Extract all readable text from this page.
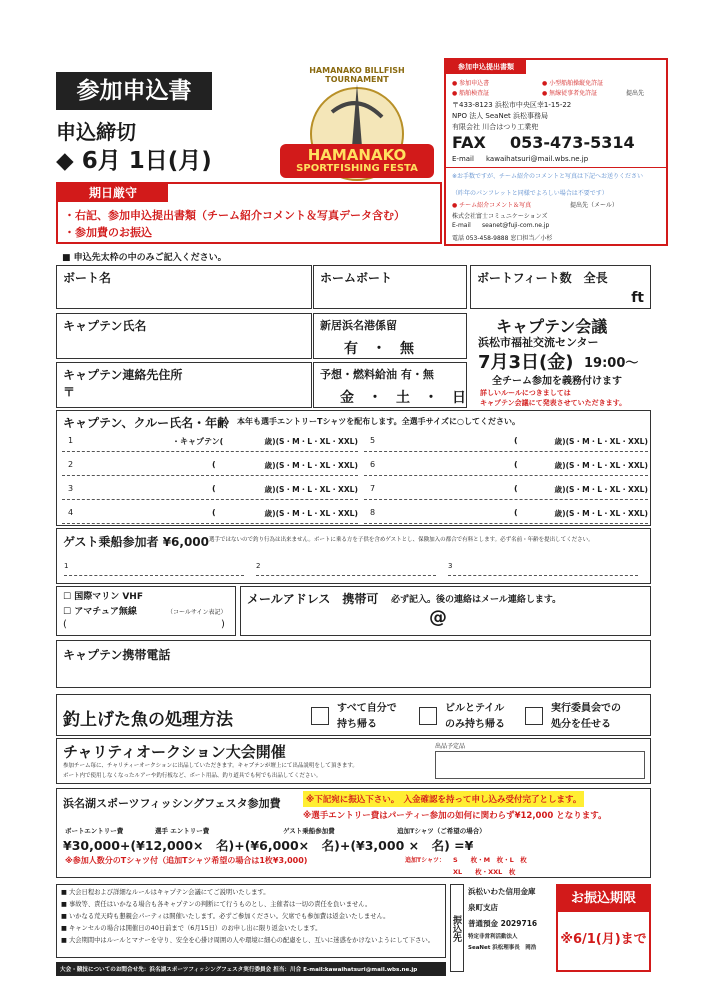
参加申込書
申込締切
◆ 6月 1日(月)
HAMANAKO BILLFISH TOURNAMENT
HAMANAKO
SPORTFISHING FESTA
参加申込提出書類
● 参加申込書	● 小型船舶操縦免許証
● 船舶検査証	● 無線従事者免許証	提出先
〒433-8123 浜松市中央区幸1-15-22
NPO 法人 SeaNet 浜松事務局
有限会社 川合はつり工業兜
FAX 053-473-5314
E-mail kawaihatsuri@mail.wbs.ne.jp
※お手数ですが、チーム紹介のコメントと写真は下記へお送りください
（昨年のパンフレットと同様でよろしい場合は不要です）
● チーム紹介コメント＆写真	提出先（メール）
株式会社富士コミュニケーションズ
E-mail seanet@fuji-com.ne.jp
電話 053-458-9888 窓口担当／小杉
期日厳守
・右記、参加申込提出書類（チーム紹介コメント＆写真データ含む）
・参加費のお振込
■ 申込先太枠の中のみご記入ください。
ボート名	ホームボート	ボートフィート数　全長
ft
キャプテン氏名	新居浜名港係留
有　・　無
キャプテン連絡先住所
〒
予想・燃料給油 有・無
金　・　土　・　日
キャプテン会議
浜松市福祉交流センター
7月3日(金) 19:00～
全チーム参加を義務付けます
詳しいルールにつきましては
キャプテン会議にて発表させていただきます。
キャプテン、クルー氏名・年齢 本年も選手エントリーTシャツを配布します。全選手サイズに○してください。
1	・キャプテン(	歳)(S・M・L・XL・XXL)
2	(	歳)(S・M・L・XL・XXL)
3	(	歳)(S・M・L・XL・XXL)
4	(	歳)(S・M・L・XL・XXL)
5	(	歳)(S・M・L・XL・XXL)
6	(	歳)(S・M・L・XL・XXL)
7	(	歳)(S・M・L・XL・XXL)
8	(	歳)(S・M・L・XL・XXL)
ゲスト乗船参加者 ¥6,000 選手ではないので釣り行為は出来ません。ボートに乗る方を子供を含めゲストとし、保険加入の都合で有料とします。必ず名前・年齢を提出してください。
1	2	3
☐ 国際マリン VHF
☐ アマチュア無線	（コールサイン表記）
(	)
メールアドレス　携帯可 必ず記入。後の連絡はメール連絡します。
@
キャプテン携帯電話
釣上げた魚の処理方法
すべて自分で
持ち帰る
ビルとテイル
のみ持ち帰る
実行委員会での
処分を任せる
チャリティオークション大会開催
参加チーム毎に、チャリティーオークションに出品していただきます。キャプテンが壇上にて出品説明をして頂きます。
ボート内で使用しなくなったルアーや釣行板など、ボート用品、釣り道具でも何でも出品してください。
出品予定品
浜名湖スポーツフィッシングフェスタ参加費	※下記宛に振込下さい。　入金確認を持って申し込み受付完了とします。
※選手エントリー費はパーティー参加の如何に関わらず¥12,000 となります。
ボートエントリー費	選手 エントリー費	ゲスト乗船参加費	追加Tシャツ（ご希望の場合）
¥30,000+(¥12,000×　名)+(¥6,000×　名)+(¥3,000 ×　名) =¥
※参加人数分のTシャツ付（追加Tシャツ希望の場合は1枚¥3,000)	追加Tシャツ： S　　枚・M　枚・L　枚
XL　　枚・XXL　枚
■ 大会日程および詳細なルールはキャプテン会議にてご説明いたします。
■ 事故等、責任はいかなる場合も各キャプテンの判断にて行うものとし、主催者は一切の責任を負いません。
■ いかなる荒天時も懇親会パーティは開催いたします。必ずご参加ください。欠席でも参加費は返金いたしません。
■ キャンセルの場合は開催日の40日前まで（6月15日）のお申し出に限り返金いたします。
■ 大会期間中はルールとマナーを守り、安全を心掛け周囲の人や環境に細心の配慮をし、互いに迷惑をかけないようにして下さい。
大会・競技についてのお問合せ先：浜名湖スポーツフィッシングフェスタ実行委員会 担当：川合 E-mail:kawaihatsuri@mail.wbs.ne.jp
振込先
浜松いわた信用金庫
泉町支店
普通預金 2029716
特定非営利活動法人
SeaNet 浜松理事長　岡浩
お振込期限
※6/1(月)まで
